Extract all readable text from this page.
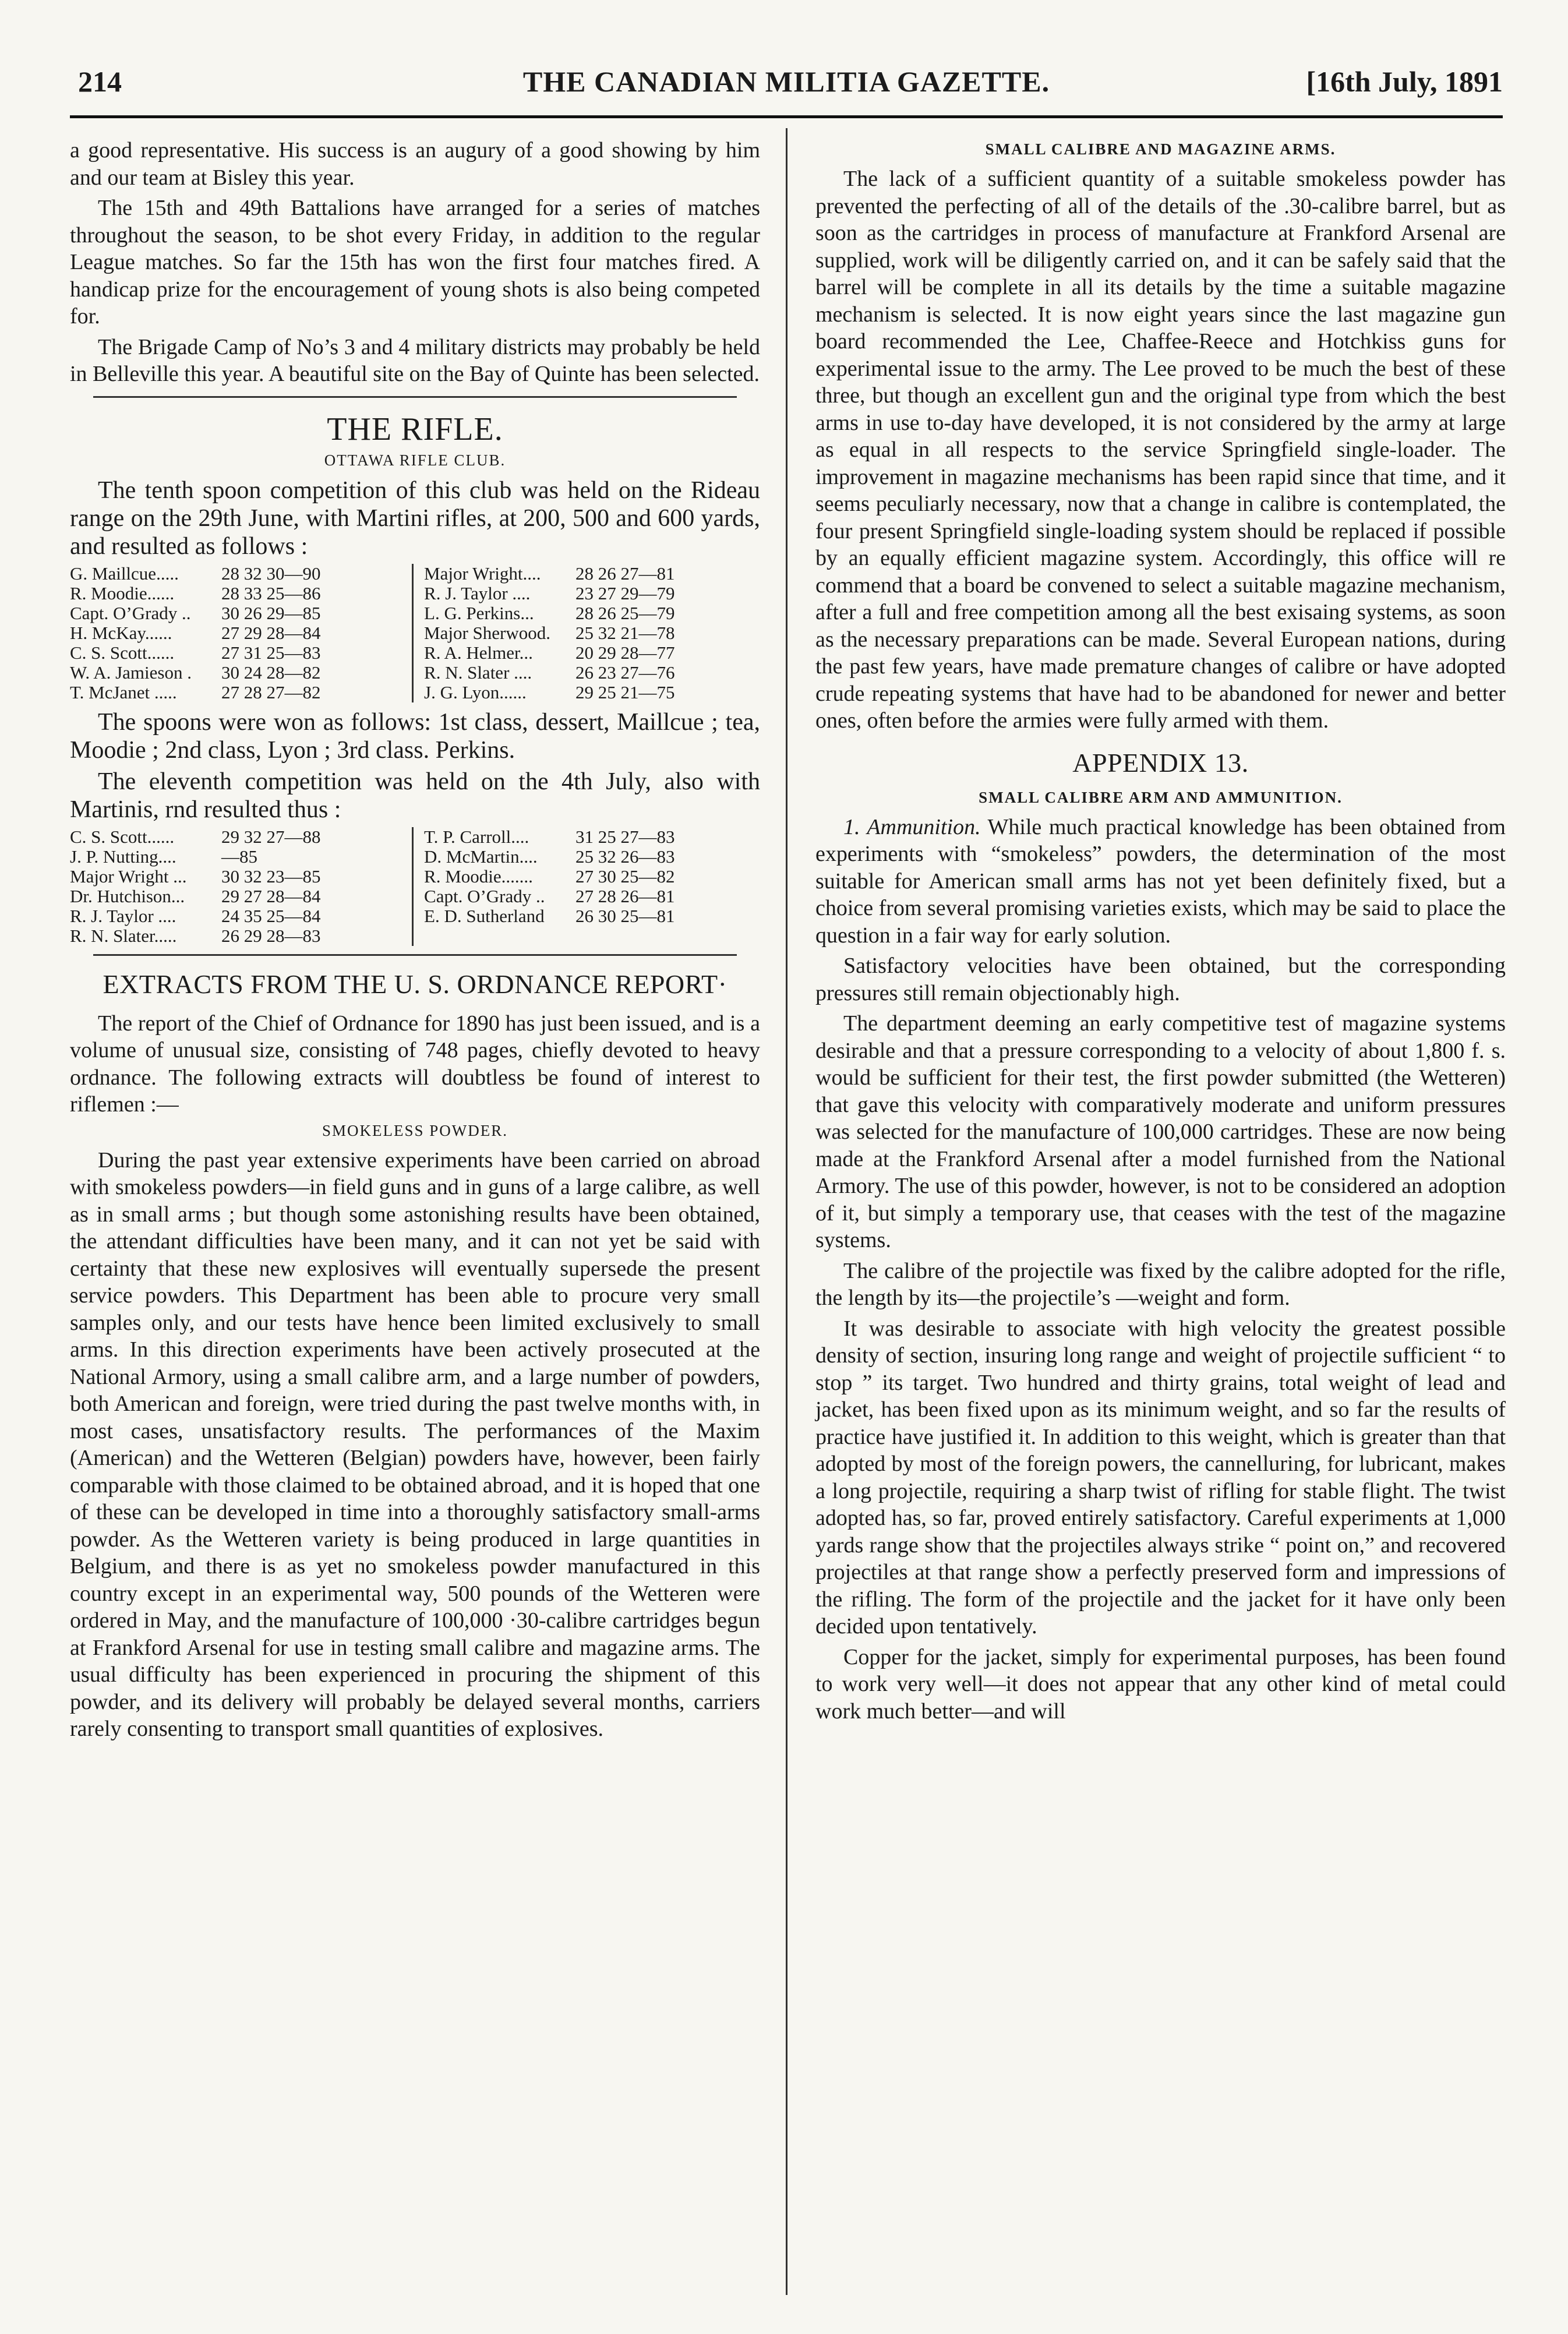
214	THE CANADIAN MILITIA GAZETTE.	[16th July, 1891

a good representative. His success is an augury of a good showing by him and our team at Bisley this year.

The 15th and 49th Battalions have arranged for a series of matches throughout the season, to be shot every Friday, in addition to the regular League matches. So far the 15th has won the first four matches fired. A handicap prize for the encouragement of young shots is also being competed for.

The Brigade Camp of No’s 3 and 4 military districts may probably be held in Belleville this year. A beautiful site on the Bay of Quinte has been selected.

THE RIFLE.
OTTAWA RIFLE CLUB.

The tenth spoon competition of this club was held on the Rideau range on the 29th June, with Martini rifles, at 200, 500 and 600 yards, and resulted as follows :

G. Maillcue..... 28 32 30—90	Major Wright.... 28 26 27—81
R. Moodie...... 28 33 25—86	R. J. Taylor .... 23 27 29—79
Capt. O’Grady .. 30 26 29—85	L. G. Perkins... 28 26 25—79
H. McKay...... 27 29 28—84	Major Sherwood. 25 32 21—78
C. S. Scott...... 27 31 25—83	R. A. Helmer... 20 29 28—77
W. A. Jamieson . 30 24 28—82	R. N. Slater .... 26 23 27—76
T. McJanet ..... 27 28 27—82	J. G. Lyon...... 29 25 21—75

The spoons were won as follows: 1st class, dessert, Maillcue ; tea, Moodie ; 2nd class, Lyon ; 3rd class. Perkins.

The eleventh competition was held on the 4th July, also with Martinis, rnd resulted thus :

C. S. Scott...... 29 32 27—88	T. P. Carroll.... 31 25 27—83
J. P. Nutting.... —85	D. McMartin.... 25 32 26—83
Major Wright ... 30 32 23—85	R. Moodie....... 27 30 25—82
Dr. Hutchison... 29 27 28—84	Capt. O’Grady .. 27 28 26—81
R. J. Taylor .... 24 35 25—84	E. D. Sutherland 26 30 25—81
R. N. Slater..... 26 29 28—83	
EXTRACTS FROM THE U. S. ORDNANCE REPORT·

The report of the Chief of Ordnance for 1890 has just been issued, and is a volume of unusual size, consisting of 748 pages, chiefly devoted to heavy ordnance. The following extracts will doubtless be found of interest to riflemen :—

SMOKELESS POWDER.

During the past year extensive experiments have been carried on abroad with smokeless powders—in field guns and in guns of a large calibre, as well as in small arms ; but though some astonishing results have been obtained, the attendant difficulties have been many, and it can not yet be said with certainty that these new explosives will eventually supersede the present service powders. This Department has been able to procure very small samples only, and our tests have hence been limited exclusively to small arms. In this direction experiments have been actively prosecuted at the National Armory, using a small calibre arm, and a large number of powders, both American and foreign, were tried during the past twelve months with, in most cases, unsatisfactory results. The performances of the Maxim (American) and the Wetteren (Belgian) powders have, however, been fairly comparable with those claimed to be obtained abroad, and it is hoped that one of these can be developed in time into a thoroughly satisfactory small-arms powder. As the Wetteren variety is being produced in large quantities in Belgium, and there is as yet no smokeless powder manufactured in this country except in an experimental way, 500 pounds of the Wetteren were ordered in May, and the manufacture of 100,000 ·30-calibre cartridges begun at Frankford Arsenal for use in testing small calibre and magazine arms. The usual difficulty has been experienced in procuring the shipment of this powder, and its delivery will probably be delayed several months, carriers rarely consenting to transport small quantities of explosives.

SMALL CALIBRE AND MAGAZINE ARMS.

The lack of a sufficient quantity of a suitable smokeless powder has prevented the perfecting of all of the details of the .30-calibre barrel, but as soon as the cartridges in process of manufacture at Frankford Arsenal are supplied, work will be diligently carried on, and it can be safely said that the barrel will be complete in all its details by the time a suitable magazine mechanism is selected. It is now eight years since the last magazine gun board recommended the Lee, Chaffee-Reece and Hotchkiss guns for experimental issue to the army. The Lee proved to be much the best of these three, but though an excellent gun and the original type from which the best arms in use to-day have developed, it is not considered by the army at large as equal in all respects to the service Springfield single-loader. The improvement in magazine mechanisms has been rapid since that time, and it seems peculiarly necessary, now that a change in calibre is contemplated, the four present Springfield single-loading system should be replaced if possible by an equally efficient magazine system. Accordingly, this office will re commend that a board be convened to select a suitable magazine mechanism, after a full and free competition among all the best exisaing systems, as soon as the necessary preparations can be made. Several European nations, during the past few years, have made premature changes of calibre or have adopted crude repeating systems that have had to be abandoned for newer and better ones, often before the armies were fully armed with them.

APPENDIX 13.
SMALL CALIBRE ARM AND AMMUNITION.

1. Ammunition. While much practical knowledge has been obtained from experiments with “smokeless” powders, the determination of the most suitable for American small arms has not yet been definitely fixed, but a choice from several promising varieties exists, which may be said to place the question in a fair way for early solution.

Satisfactory velocities have been obtained, but the corresponding pressures still remain objectionably high.

The department deeming an early competitive test of magazine systems desirable and that a pressure corresponding to a velocity of about 1,800 f. s. would be sufficient for their test, the first powder submitted (the Wetteren) that gave this velocity with comparatively moderate and uniform pressures was selected for the manufacture of 100,000 cartridges. These are now being made at the Frankford Arsenal after a model furnished from the National Armory. The use of this powder, however, is not to be considered an adoption of it, but simply a temporary use, that ceases with the test of the magazine systems.

The calibre of the projectile was fixed by the calibre adopted for the rifle, the length by its—the projectile’s —weight and form.

It was desirable to associate with high velocity the greatest possible density of section, insuring long range and weight of projectile sufficient “ to stop ” its target. Two hundred and thirty grains, total weight of lead and jacket, has been fixed upon as its minimum weight, and so far the results of practice have justified it. In addition to this weight, which is greater than that adopted by most of the foreign powers, the cannelluring, for lubricant, makes a long projectile, requiring a sharp twist of rifling for stable flight. The twist adopted has, so far, proved entirely satisfactory. Careful experiments at 1,000 yards range show that the projectiles always strike “ point on,” and recovered projectiles at that range show a perfectly preserved form and impressions of the rifling. The form of the projectile and the jacket for it have only been decided upon tentatively.

Copper for the jacket, simply for experimental purposes, has been found to work very well—it does not appear that any other kind of metal could work much better—and will
